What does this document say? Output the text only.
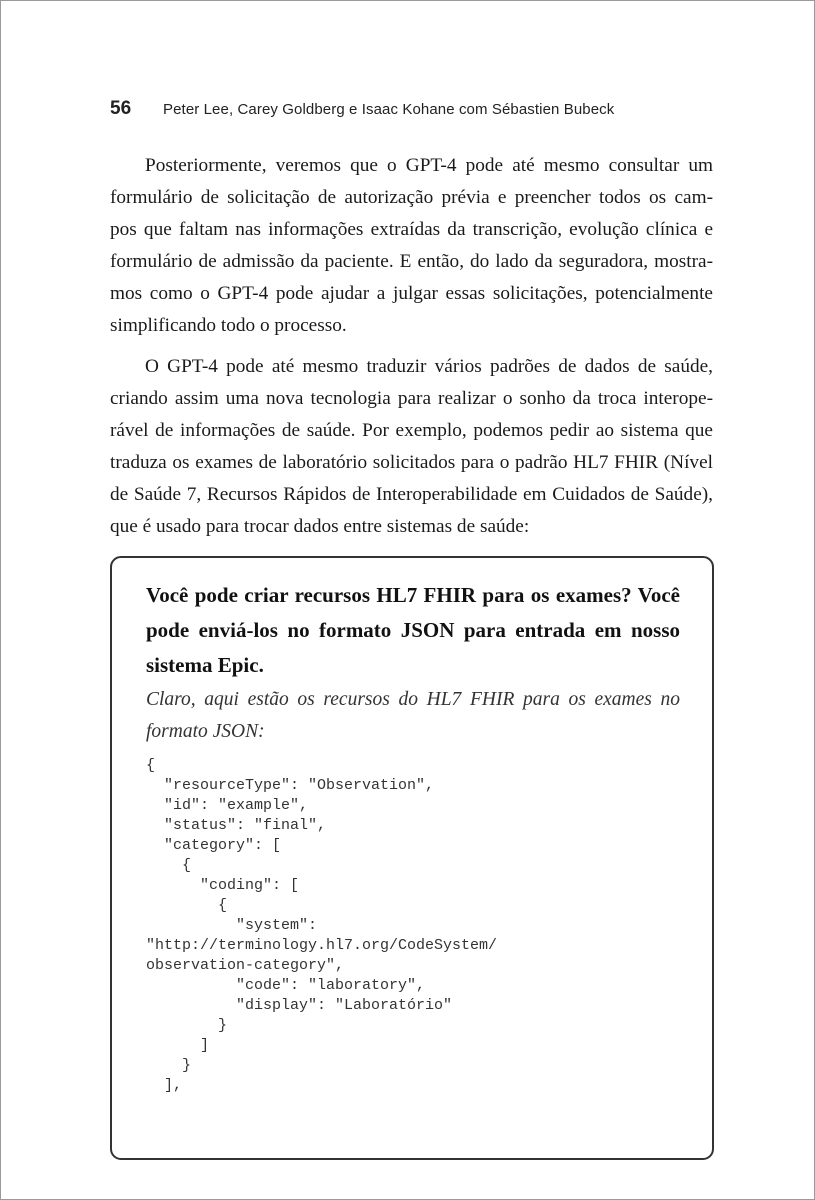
56	Peter Lee, Carey Goldberg e Isaac Kohane com Sébastien Bubeck
Posteriormente, veremos que o GPT-4 pode até mesmo consultar um
formulário de solicitação de autorização prévia e preencher todos os cam-
pos que faltam nas informações extraídas da transcrição, evolução clínica e
formulário de admissão da paciente. E então, do lado da seguradora, mostra-
mos como o GPT-4 pode ajudar a julgar essas solicitações, potencialmente
simplificando todo o processo.
O GPT-4 pode até mesmo traduzir vários padrões de dados de saúde,
criando assim uma nova tecnologia para realizar o sonho da troca interope-
rável de informações de saúde. Por exemplo, podemos pedir ao sistema que
traduza os exames de laboratório solicitados para o padrão HL7 FHIR (Nível
de Saúde 7, Recursos Rápidos de Interoperabilidade em Cuidados de Saúde),
que é usado para trocar dados entre sistemas de saúde:
Você pode criar recursos HL7 FHIR para os exames? Você
pode enviá-los no formato JSON para entrada em nosso
sistema Epic.
Claro, aqui estão os recursos do HL7 FHIR para os exames no
formato JSON:
{
"resourceType": "Observation",
"id": "example",
"status": "final",
"category": [
{
"coding": [
{
"system":
"http://terminology.hl7.org/CodeSystem/
observation-category",
"code": "laboratory",
"display": "Laboratório"
}
]
}
],
